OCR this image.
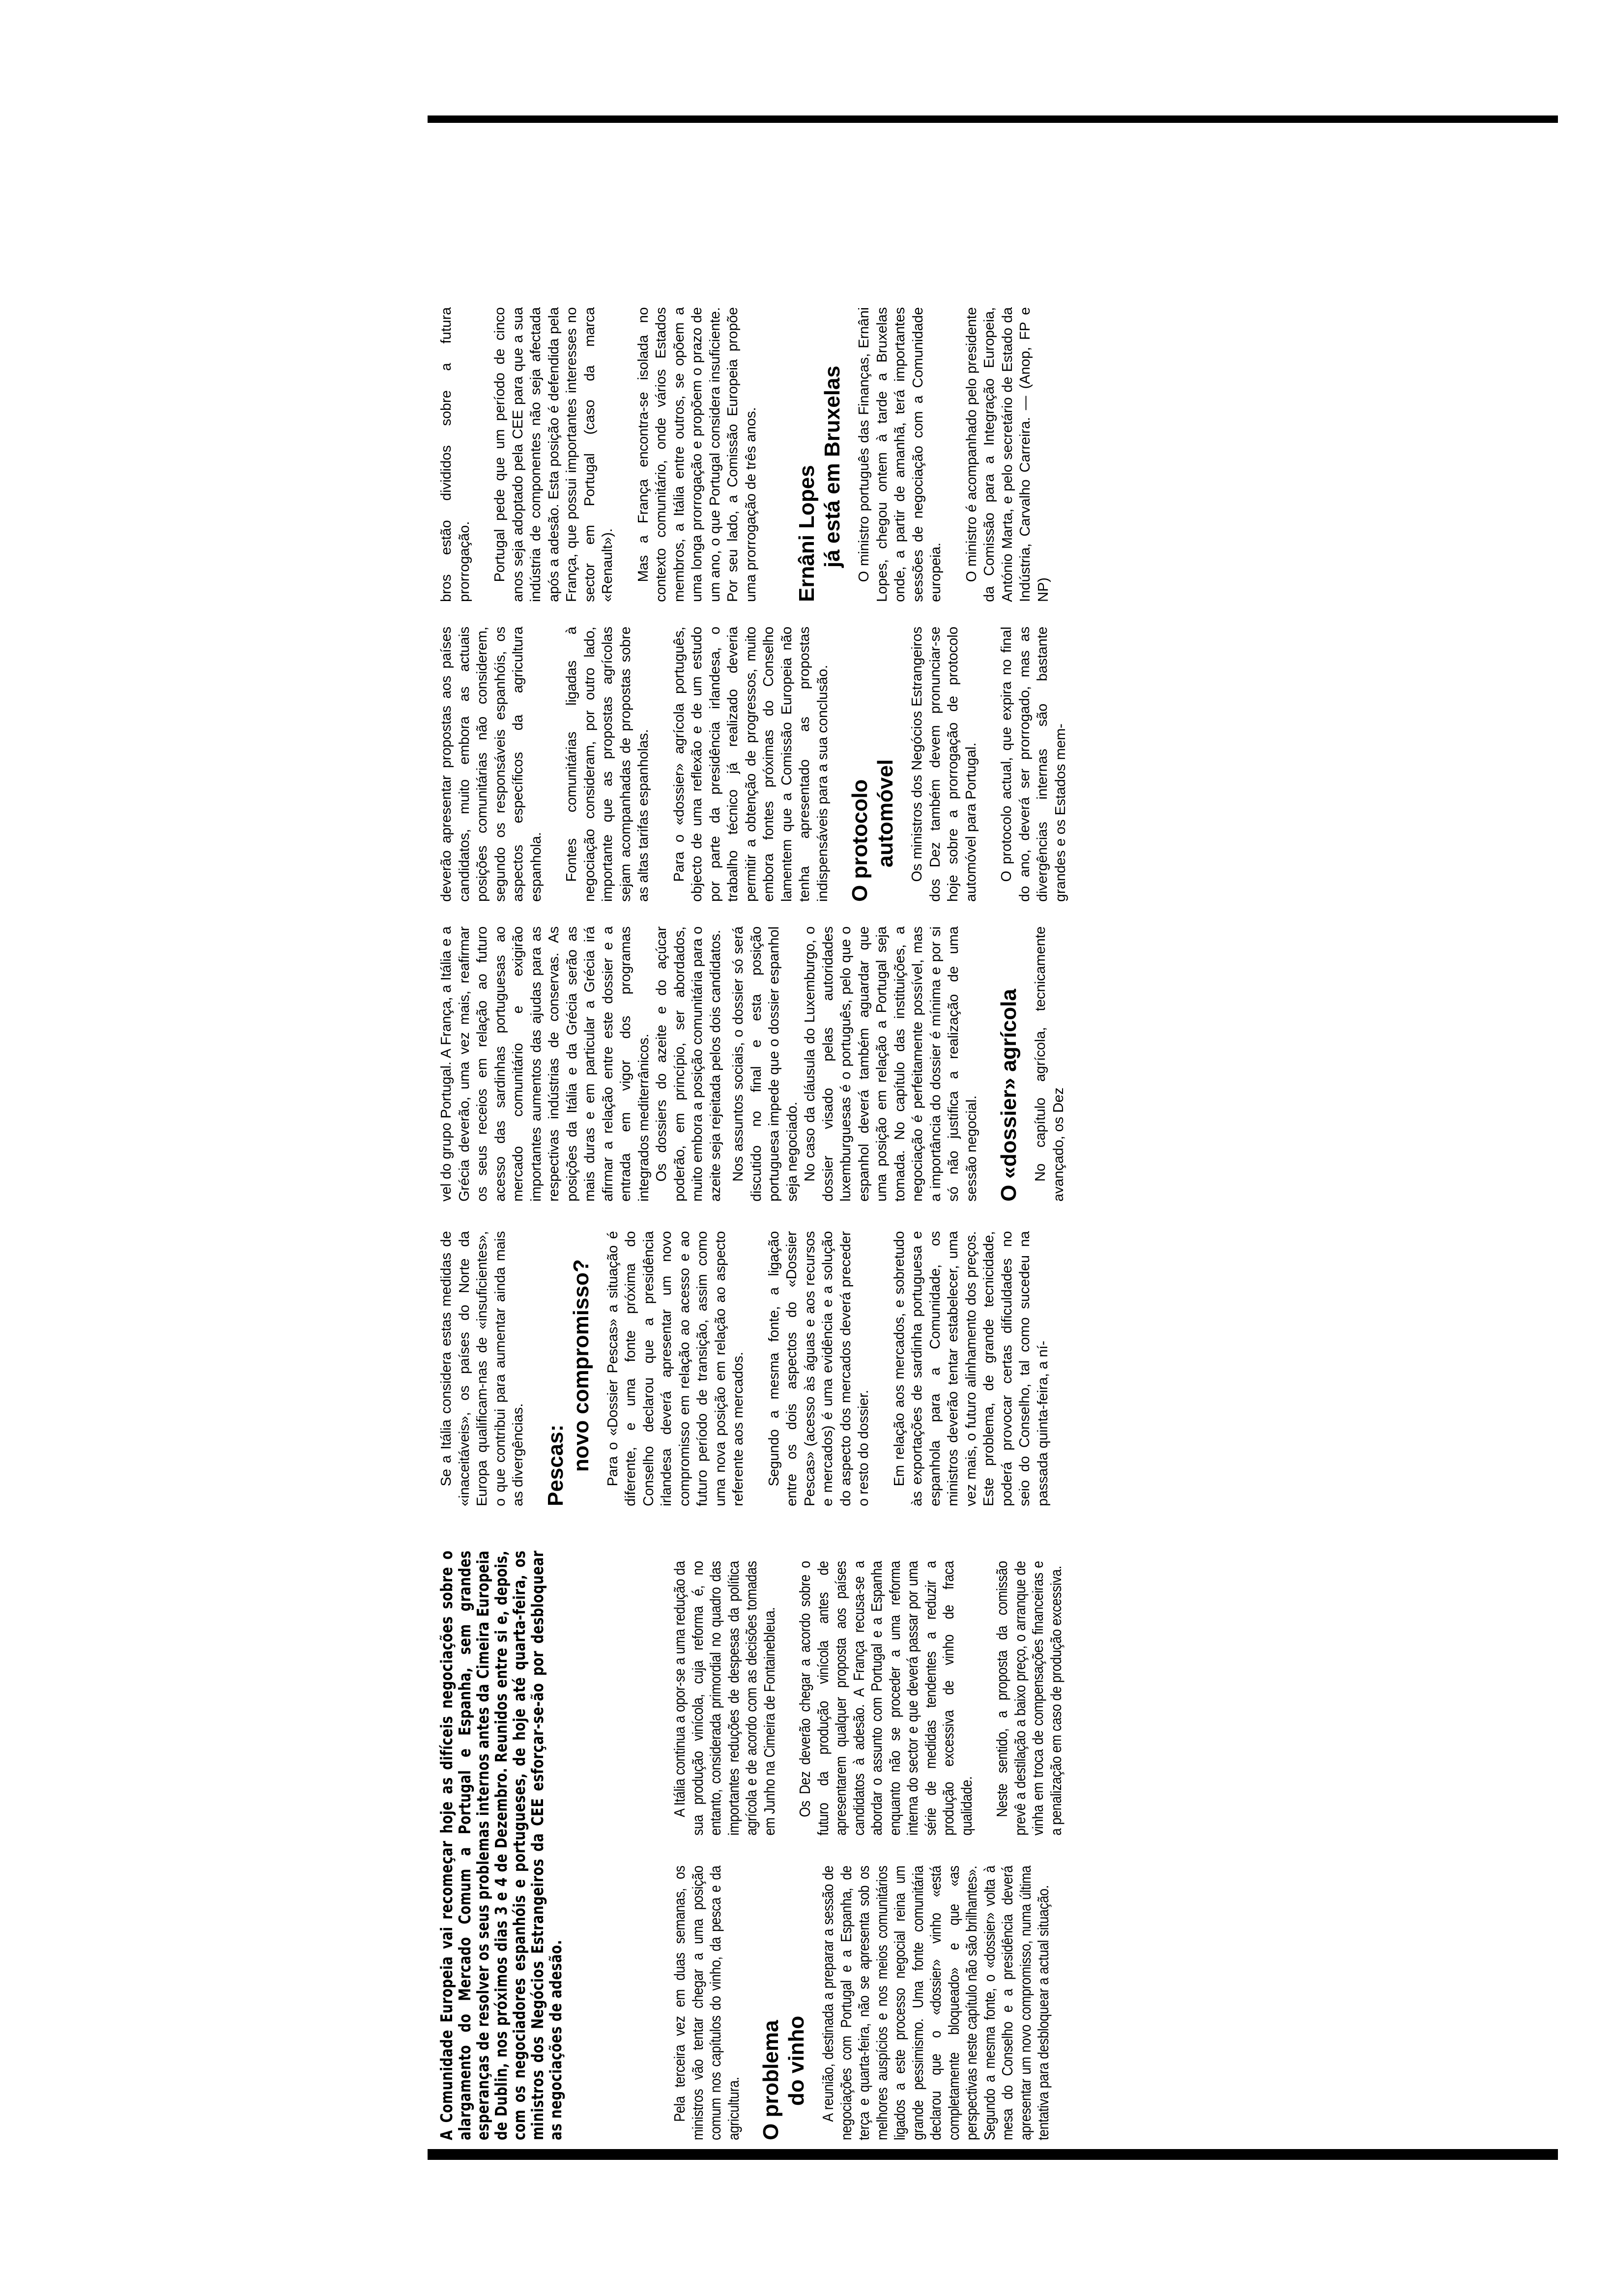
A Comunidade Europeia vai recomeçar hoje as difíceis negociações sobre o alargamento do Mercado Comum a Portugal e Espanha, sem grandes esperanças de resolver os seus problemas internos antes da Cimeira Europeia de Dublin, nos próximos dias 3 e 4 de Dezembro. Reunidos entre si e, depois, com os negociadores espanhóis e portugueses, de hoje até quarta-feira, os ministros dos Negócios Estrangeiros da CEE esforçar-se-ão por desbloquear as negociações de adesão.	Pela terceira vez em duas semanas, os ministros vão tentar chegar a uma posição comum nos capítulos do vinho, da pesca e da agricultura. O problema do vinho A reunião, destinada a preparar a sessão de negociações com Portugal e a Espanha, de terça e quarta-feira, não se apresenta sob os melhores auspícios e nos meios comunitários ligados a este processo negocial reina um grande pessimismo. Uma fonte comunitária declarou que o «dossier» vinho «está completamente bloqueado» e que «as perspectivas neste capítulo não são brilhantes». Segundo a mesma fonte, o «dossier» volta à mesa do Conselho e a presidência deverá apresentar um novo compromisso, numa última tentativa para desbloquear a actual situação.

A Itália continua a opor-se a uma redução da sua produção vinícola, cuja reforma é, no entanto, considerada primordial no quadro das importantes reduções de despesas da política agrícola e de acordo com as decisões tomadas em Junho na Cimeira de Fontainebleua. Os Dez deverão chegar a acordo sobre o futuro da produção vinícola antes de apresentarem qualquer proposta aos países candidatos à adesão. A França recusa-se a abordar o assunto com Portugal e a Espanha enquanto não se proceder a uma reforma interna do sector e que deverá passar por uma série de medidas tendentes a reduzir a produção excessiva de vinho de fraca qualidade. Neste sentido, a proposta da comissão prevê a destilação a baixo preço, o arranque de vinha em troca de compensações financeiras e a penalização em caso de produção excessiva.

Se a Itália considera estas medidas de «inaceitáveis», os países do Norte da Europa qualificam-nas de «insuficientes», o que contribui para aumentar ainda mais as divergências. Pescas: novo compromisso? Para o «Dossier Pescas» a situação é diferente, e uma fonte próxima do Conselho declarou que a presidência irlandesa deverá apresentar um novo compromisso em relação ao acesso e ao futuro período de transição, assim como uma nova posição em relação ao aspecto referente aos mercados. Segundo a mesma fonte, a ligação entre os dois aspectos do «Dossier Pescas» (acesso às águas e aos recursos e mercados) é uma evidência e a solução do aspecto dos mercados deverá preceder o resto do dossier. Em relação aos mercados, e sobretudo às exportações de sardinha portuguesa e espanhola para a Comunidade, os ministros deverão tentar estabelecer, uma vez mais, o futuro alinhamento dos preços. Este problema, de grande tecnicidade, poderá provocar certas dificuldades no seio do Conselho, tal como sucedeu na passada quinta-feira, a ní-

vel do grupo Portugal. A França, a Itália e a Grécia deverão, uma vez mais, reafirmar os seus receios em relação ao futuro acesso das sardinhas portuguesas ao mercado comunitário e exigirão importantes aumentos das ajudas para as respectivas indústrias de conservas. As posições da Itália e da Grécia serão as mais duras e em particular a Grécia irá afirmar a relação entre este dossier e a entrada em vigor dos programas integrados mediterrânicos. Os dossiers do azeite e do açúcar poderão, em princípio, ser abordados, muito embora a posição comunitária para o azeite seja rejeitada pelos dois candidatos. Nos assuntos sociais, o dossier só será discutido no final e esta posição portuguesa impede que o dossier espanhol seja negociado. No caso da cláusula do Luxemburgo, o dossier visado pelas autoridades luxemburguesas é o português, pelo que o espanhol deverá também aguardar que uma posição em relação a Portugal seja tomada. No capítulo das instituições, a negociação é perfeitamente possível, mas a importância do dossier é mínima e por si só não justifica a realização de uma sessão negocial. O «dossier» agrícola No capítulo agrícola, tecnicamente avançado, os Dez

deverão apresentar propostas aos países candidatos, muito embora as actuais posições comunitárias não considerem, segundo os responsáveis espanhóis, os aspectos específicos da agricultura espanhola. Fontes comunitárias ligadas à negociação consideram, por outro lado, importante que as propostas agrícolas sejam acompanhadas de propostas sobre as altas tarifas espanholas. Para o «dossier» agrícola português, objecto de uma reflexão e de um estudo por parte da presidência irlandesa, o trabalho técnico já realizado deveria permitir a obtenção de progressos, muito embora fontes próximas do Conselho lamentem que a Comissão Europeia não tenha apresentado as propostas indispensáveis para a sua conclusão. O protocolo automóvel Os ministros dos Negócios Estrangeiros dos Dez também devem pronunciar-se hoje sobre a prorrogação de protocolo automóvel para Portugal. O protocolo actual, que expira no final do ano, deverá ser prorrogado, mas as divergências internas são bastante grandes e os Estados mem-

bros estão divididos sobre a futura prorrogação. Portugal pede que um período de cinco anos seja adoptado pela CEE para que a sua indústria de componentes não seja afectada após a adesão. Esta posição é defendida pela França, que possui importantes interesses no sector em Portugal (caso da marca «Renault»). Mas a França encontra-se isolada no contexto comunitário, onde vários Estados membros, a Itália entre outros, se opõem a uma longa prorrogação e propõem o prazo de um ano, o que Portugal considera insuficiente. Por seu lado, a Comissão Europeia propõe uma prorrogação de três anos. Ernâni Lopes já está em Bruxelas O ministro português das Finanças, Ernâni Lopes, chegou ontem à tarde a Bruxelas onde, a partir de amanhã, terá importantes sessões de negociação com a Comunidade europeia. O ministro é acompanhado pelo presidente da Comissão para a Integração Europeia, António Marta, e pelo secretário de Estado da Indústria, Carvalho Carreira. — (Anop, FP e NP)
